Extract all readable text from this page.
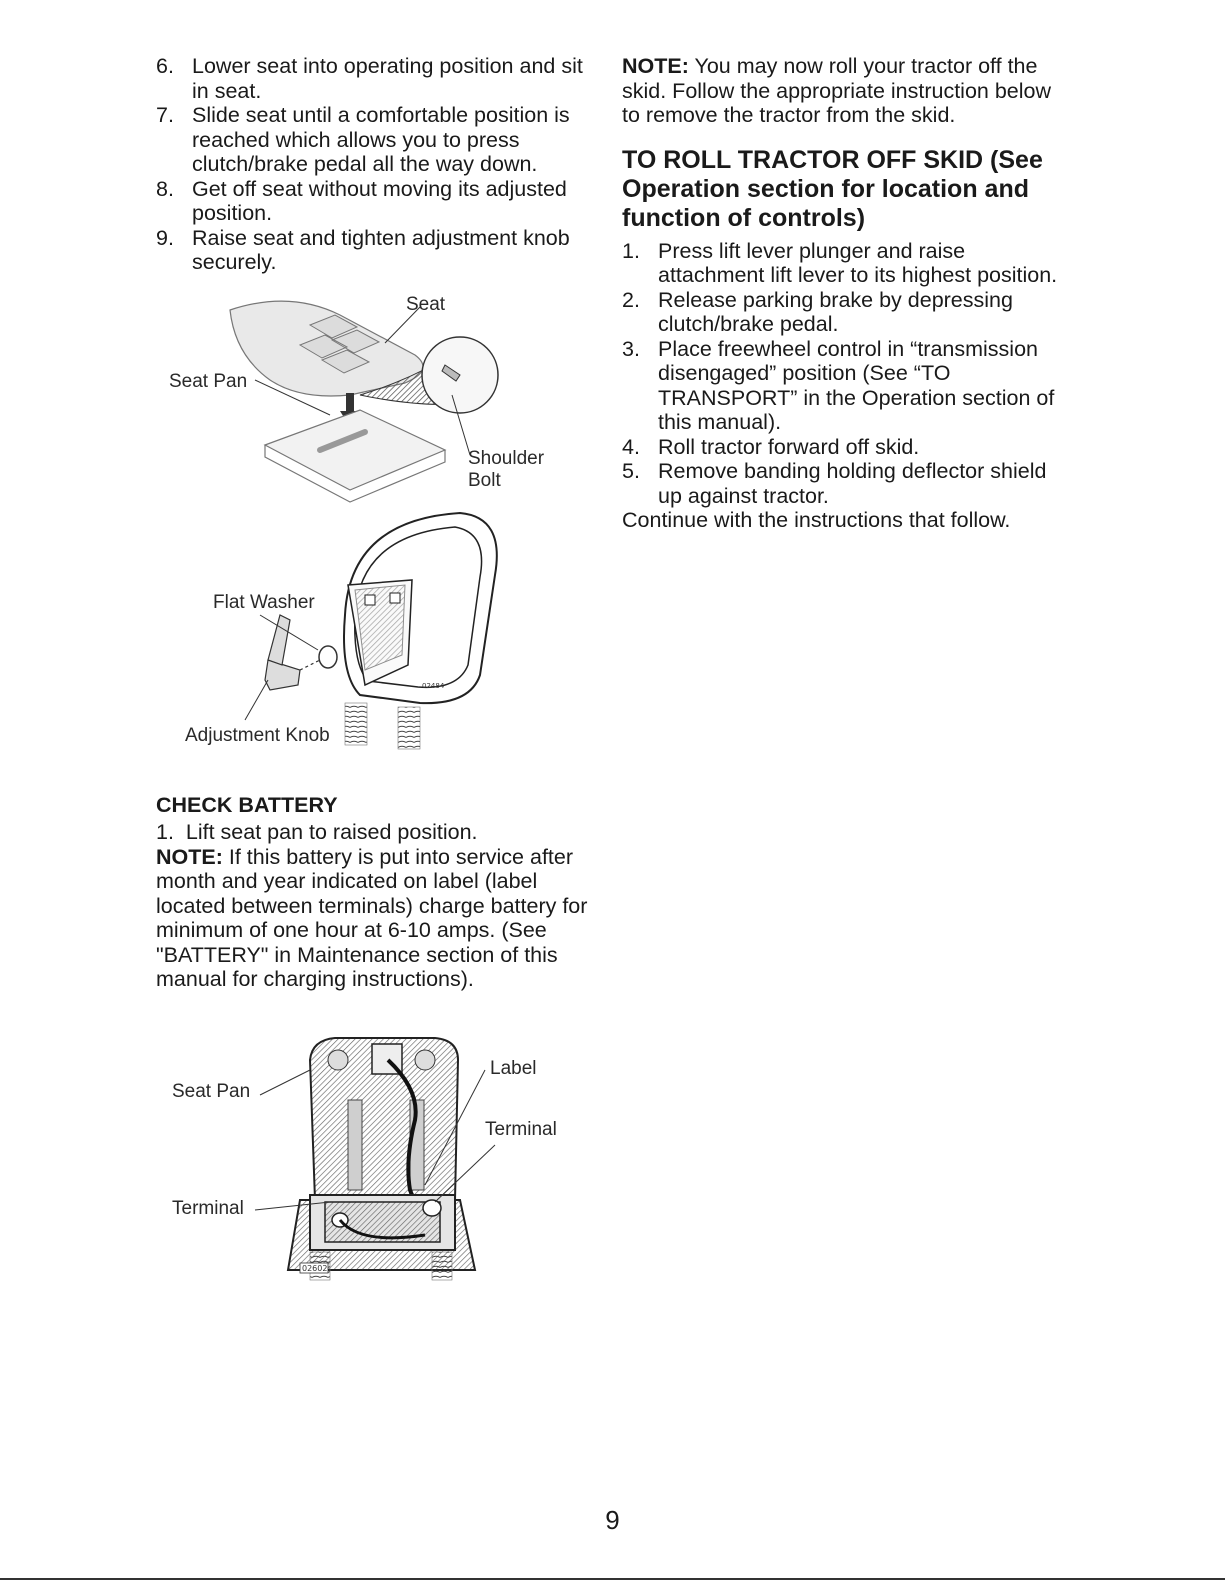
6. Lower seat into operating position and sit in seat.
7. Slide seat until a comfortable position is reached which allows you to press clutch/brake pedal all the way down.
8. Get off seat without moving its adjusted position.
9. Raise seat and tighten adjustment knob securely.
02484
Seat
Seat Pan
Shoulder
Bolt
Flat Washer
Adjustment Knob
CHECK BATTERY

1. Lift seat pan to raised position.

NOTE: If this battery is put into service after month and year indicated on label (label located between terminals) charge battery for minimum of one hour at 6-10 amps. (See "BATTERY" in Maintenance section of this manual for charging instructions).

02602
Seat Pan
Label
Terminal
Terminal

NOTE: You may now roll your tractor off the skid. Follow the appropriate instruction below to remove the tractor from the skid.

TO ROLL TRACTOR OFF SKID (See Operation section for location and function of controls)
1. Press lift lever plunger and raise attachment lift lever to its highest position.
2. Release parking brake by depressing clutch/brake pedal.
3. Place freewheel control in “transmission disengaged” position (See “TO TRANSPORT” in the Operation section of this manual).
4. Roll tractor forward off skid.
5. Remove banding holding deflector shield up against tractor.

Continue with the instructions that follow.

9
